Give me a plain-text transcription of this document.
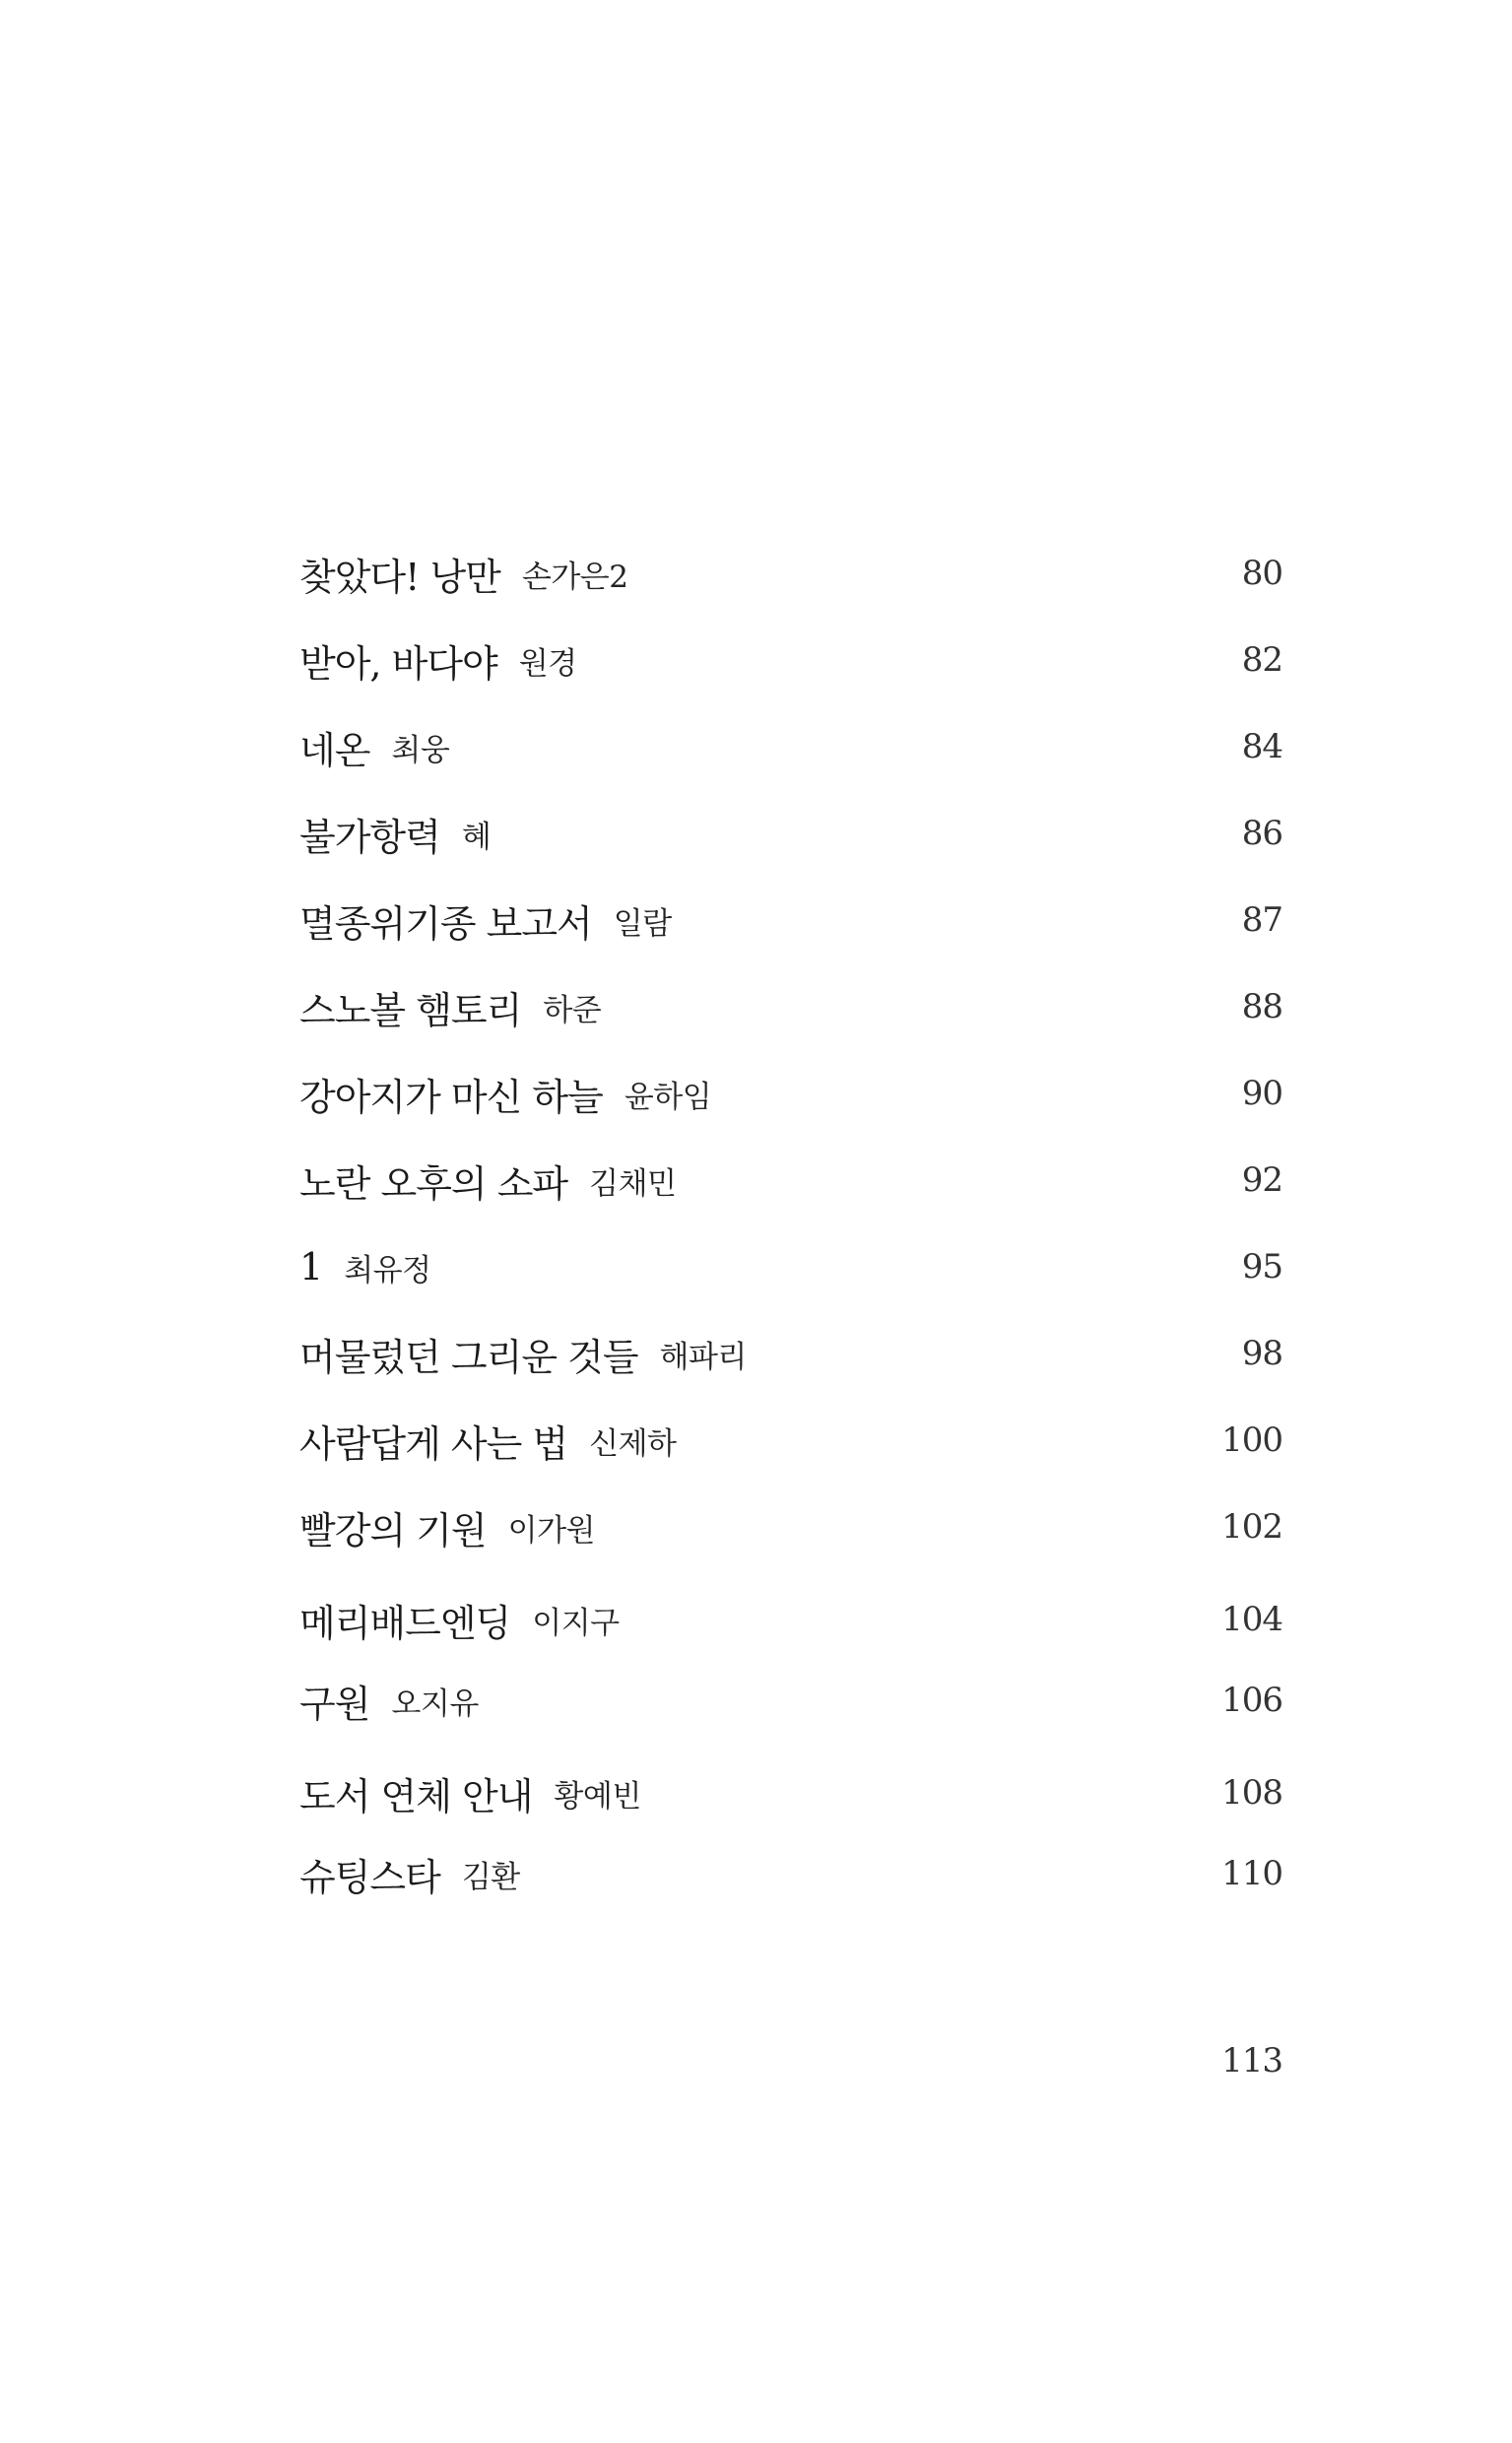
찾았다! 낭만 손가은2	80
받아, 바다야 원경	82
네온 최웅	84
불가항력 혜	86
멸종위기종 보고서 일람	87
스노볼 햄토리 하준	88
강아지가 마신 하늘 윤하임	90
노란 오후의 소파 김채민	92
1 최유정	95
머물렀던 그리운 것들 해파리	98
사람답게 사는 법 신제하	100
빨강의 기원 이가원	102
메리배드엔딩 이지구	104
구원 오지유	106
도서 연체 안내 황예빈	108
슈팅스타 김환	110
113
